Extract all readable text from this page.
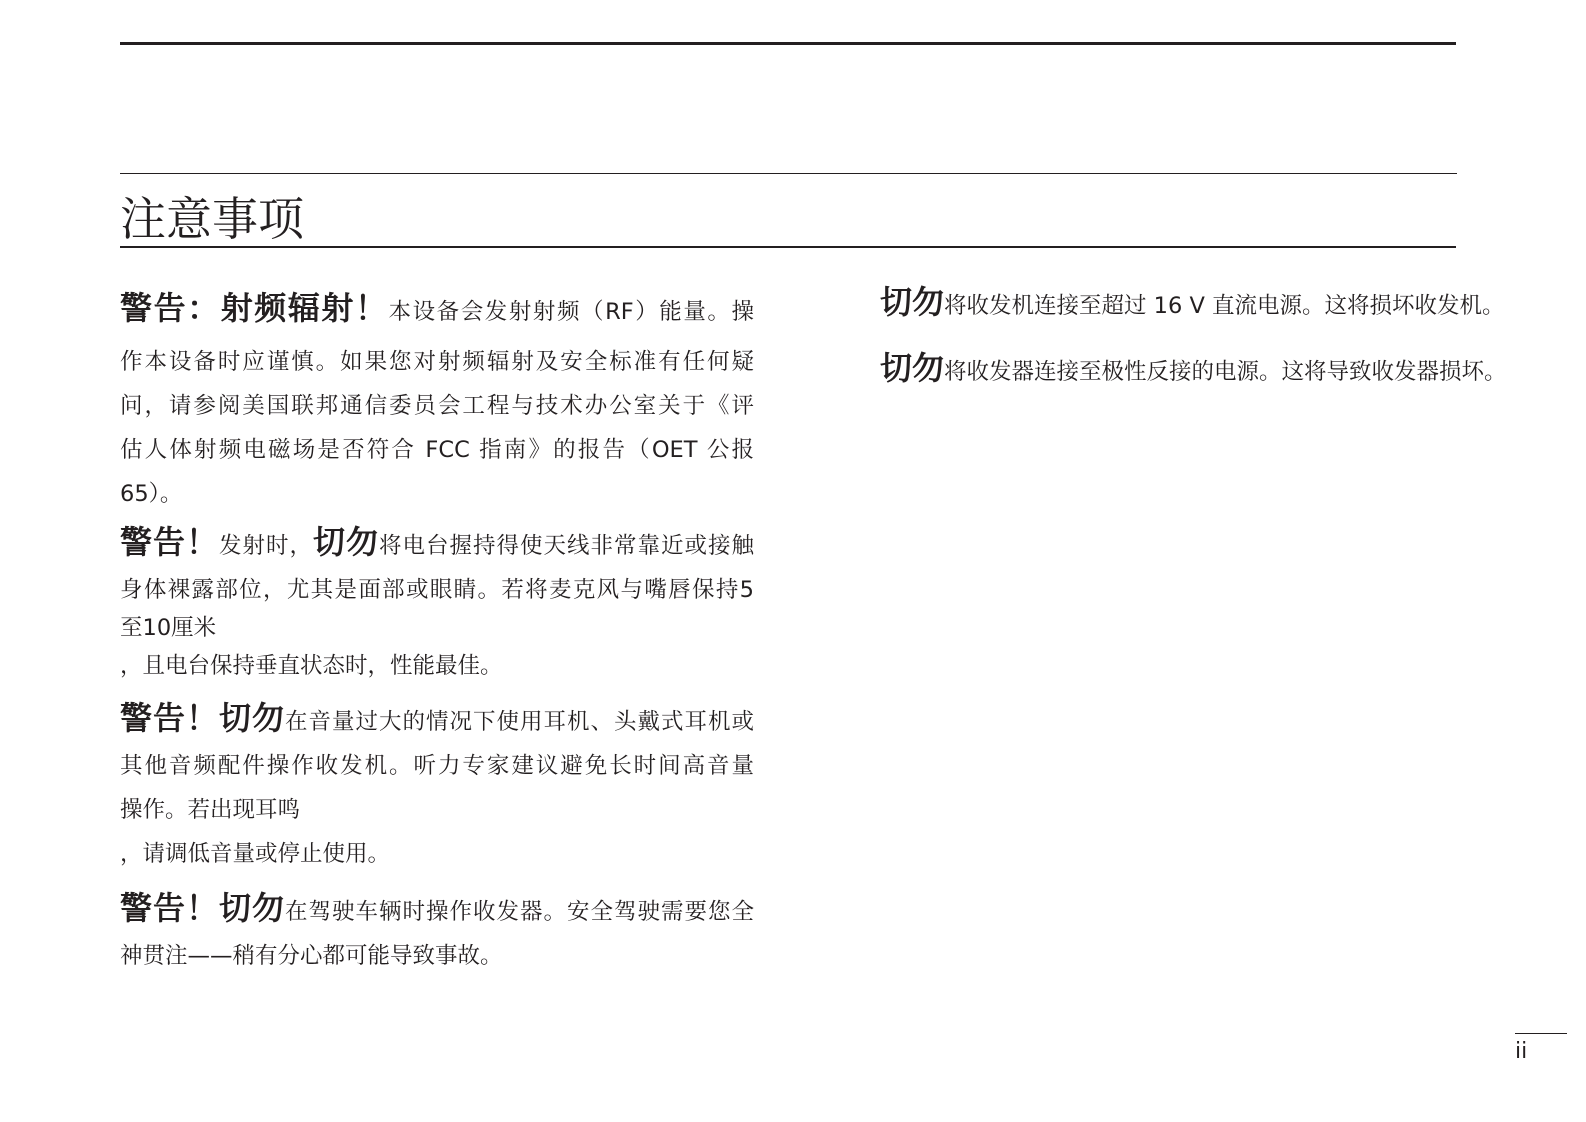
注意事项
警告：射频辐射！本设备会发射射频（RF）能量。操
作本设备时应谨慎。如果您对射频辐射及安全标准有任何疑
问，请参阅美国联邦通信委员会工程与技术办公室关于《评
估人体射频电磁场是否符合 FCC 指南》的报告（OET 公报
65）。
警告！发射时，切勿将电台握持得使天线非常靠近或接触
身体裸露部位，尤其是面部或眼睛。若将麦克风与嘴唇保持5
至10厘米
，且电台保持垂直状态时，性能最佳。
警告！切勿在音量过大的情况下使用耳机、头戴式耳机或
其他音频配件操作收发机。听力专家建议避免长时间高音量
操作。若出现耳鸣
，请调低音量或停止使用。
警告！切勿在驾驶车辆时操作收发器。安全驾驶需要您全
神贯注——稍有分心都可能导致事故。
切勿将收发机连接至超过 16 V 直流电源。这将损坏收发机。
切勿将收发器连接至极性反接的电源。这将导致收发器损坏。
ii
